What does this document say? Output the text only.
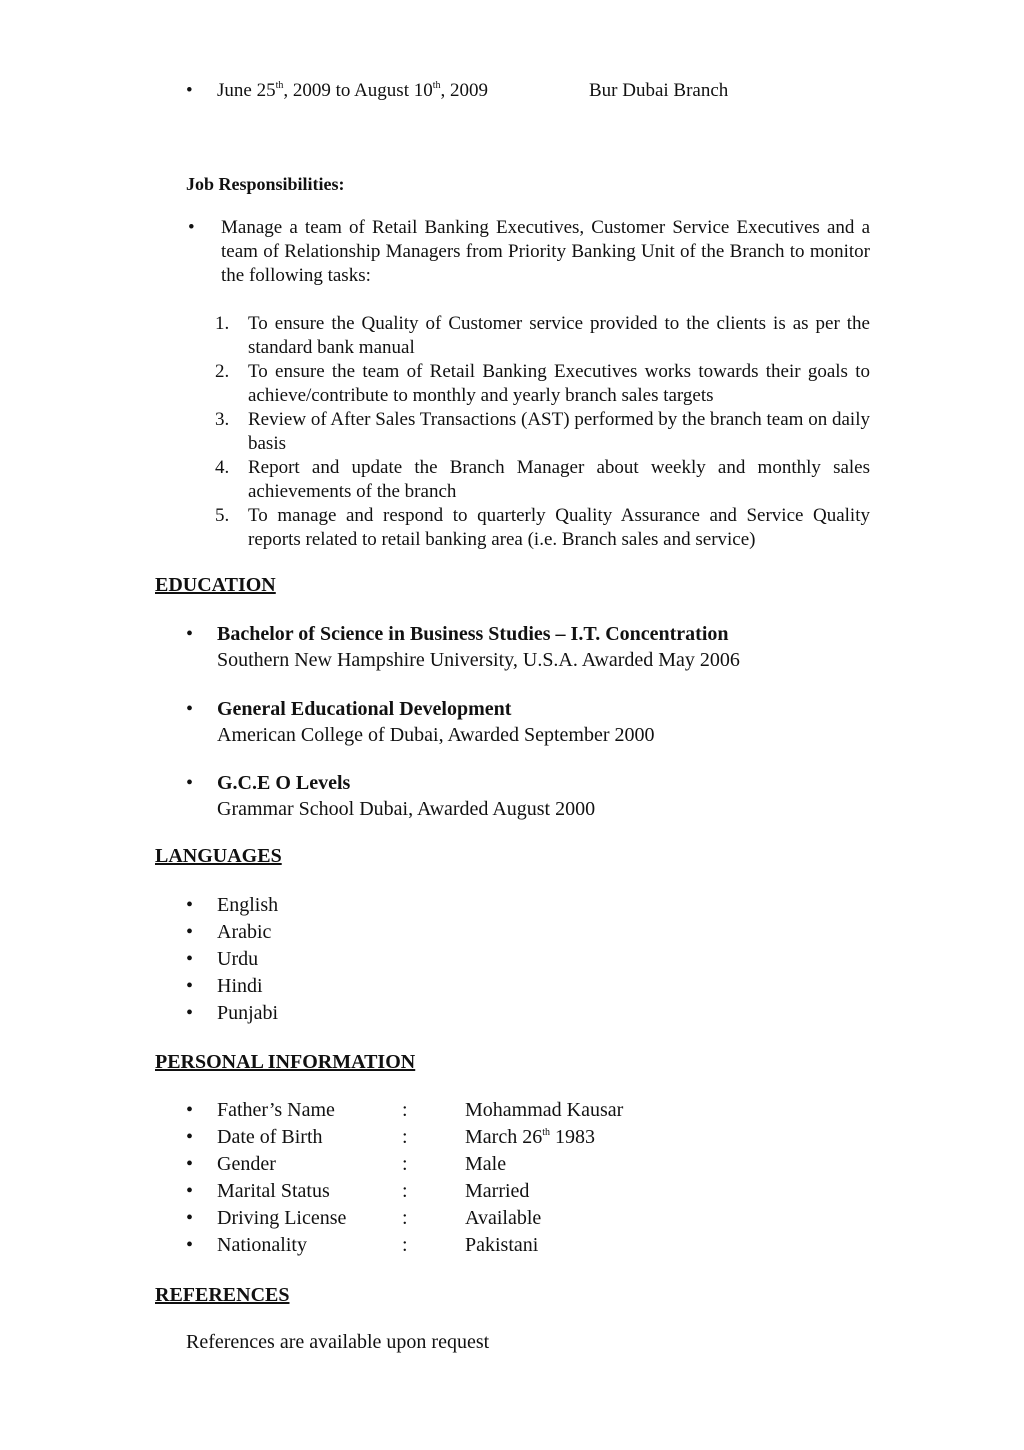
• June 25th, 2009 to August 10th, 2009	Bur Dubai Branch
Job Responsibilities:
• Manage a team of Retail Banking Executives, Customer Service Executives and a team of Relationship Managers from Priority Banking Unit of the Branch to monitor the following tasks:
1. To ensure the Quality of Customer service provided to the clients is as per the standard bank manual
2. To ensure the team of Retail Banking Executives works towards their goals to achieve/contribute to monthly and yearly branch sales targets
3. Review of After Sales Transactions (AST) performed by the branch team on daily basis
4. Report and update the Branch Manager about weekly and monthly sales achievements of the branch
5. To manage and respond to quarterly Quality Assurance and Service Quality reports related to retail banking area (i.e. Branch sales and service)
EDUCATION
• Bachelor of Science in Business Studies – I.T. Concentration
Southern New Hampshire University, U.S.A. Awarded May 2006
• General Educational Development
American College of Dubai, Awarded September 2000
• G.C.E O Levels
Grammar School Dubai, Awarded August 2000
LANGUAGES
• English
• Arabic
• Urdu
• Hindi
• Punjabi
PERSONAL INFORMATION
• Father’s Name	:	Mohammad Kausar
• Date of Birth	:	March 26th 1983
• Gender	:	Male
• Marital Status	:	Married
• Driving License	:	Available
• Nationality	:	Pakistani
REFERENCES
References are available upon request
